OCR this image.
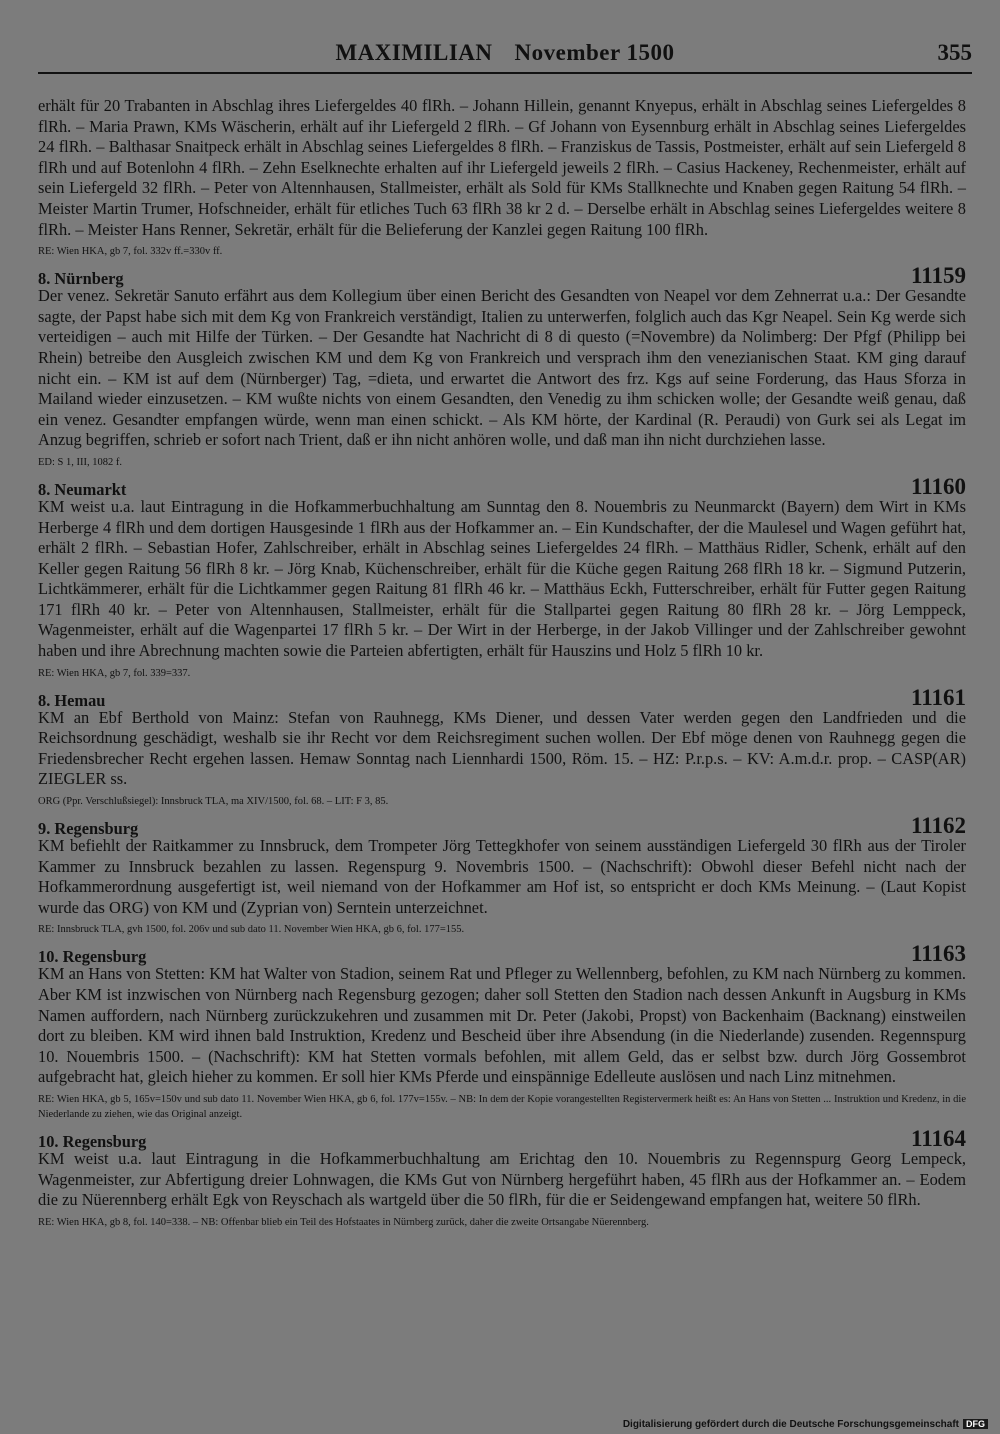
MAXIMILIAN November 1500	355

erhält für 20 Trabanten in Abschlag ihres Liefergeldes 40 flRh. – Johann Hillein, genannt Knyepus, erhält in Abschlag seines Liefergeldes 8 flRh. – Maria Prawn, KMs Wäscherin, erhält auf ihr Liefergeld 2 flRh. – Gf Johann von Eysennburg erhält in Abschlag seines Liefergeldes 24 flRh. – Balthasar Snaitpeck erhält in Abschlag seines Liefergeldes 8 flRh. – Franziskus de Tassis, Postmeister, erhält auf sein Liefergeld 8 flRh und auf Botenlohn 4 flRh. – Zehn Eselknechte erhalten auf ihr Liefergeld jeweils 2 flRh. – Casius Hackeney, Rechenmeister, erhält auf sein Liefergeld 32 flRh. – Peter von Altennhausen, Stallmeister, erhält als Sold für KMs Stallknechte und Knaben gegen Raitung 54 flRh. – Meister Martin Trumer, Hofschneider, erhält für etliches Tuch 63 flRh 38 kr 2 d. – Derselbe erhält in Abschlag seines Liefergeldes weitere 8 flRh. – Meister Hans Renner, Sekretär, erhält für die Belieferung der Kanzlei gegen Raitung 100 flRh.

RE: Wien HKA, gb 7, fol. 332v ff.=330v ff.

8. Nürnberg	11159

Der venez. Sekretär Sanuto erfährt aus dem Kollegium über einen Bericht des Gesandten von Neapel vor dem Zehnerrat u.a.: Der Gesandte sagte, der Papst habe sich mit dem Kg von Frankreich verständigt, Italien zu unterwerfen, folglich auch das Kgr Neapel. Sein Kg werde sich verteidigen – auch mit Hilfe der Türken. – Der Gesandte hat Nachricht di 8 di questo (=Novembre) da Nolimberg: Der Pfgf (Philipp bei Rhein) betreibe den Ausgleich zwischen KM und dem Kg von Frankreich und versprach ihm den venezianischen Staat. KM ging darauf nicht ein. – KM ist auf dem (Nürnberger) Tag, =dieta, und erwartet die Antwort des frz. Kgs auf seine Forderung, das Haus Sforza in Mailand wieder einzusetzen. – KM wußte nichts von einem Gesandten, den Venedig zu ihm schicken wolle; der Gesandte weiß genau, daß ein venez. Gesandter empfangen würde, wenn man einen schickt. – Als KM hörte, der Kardinal (R. Peraudi) von Gurk sei als Legat im Anzug begriffen, schrieb er sofort nach Trient, daß er ihn nicht anhören wolle, und daß man ihn nicht durchziehen lasse.

ED: S 1, III, 1082 f.

8. Neumarkt	11160

KM weist u.a. laut Eintragung in die Hofkammerbuchhaltung am Sunntag den 8. Nouembris zu Neunmarckt (Bayern) dem Wirt in KMs Herberge 4 flRh und dem dortigen Hausgesinde 1 flRh aus der Hofkammer an. – Ein Kundschafter, der die Maulesel und Wagen geführt hat, erhält 2 flRh. – Sebastian Hofer, Zahlschreiber, erhält in Abschlag seines Liefergeldes 24 flRh. – Matthäus Ridler, Schenk, erhält auf den Keller gegen Raitung 56 flRh 8 kr. – Jörg Knab, Küchenschreiber, erhält für die Küche gegen Raitung 268 flRh 18 kr. – Sigmund Putzerin, Lichtkämmerer, erhält für die Lichtkammer gegen Raitung 81 flRh 46 kr. – Matthäus Eckh, Futterschreiber, erhält für Futter gegen Raitung 171 flRh 40 kr. – Peter von Altennhausen, Stallmeister, erhält für die Stallpartei gegen Raitung 80 flRh 28 kr. – Jörg Lemppeck, Wagenmeister, erhält auf die Wagenpartei 17 flRh 5 kr. – Der Wirt in der Herberge, in der Jakob Villinger und der Zahlschreiber gewohnt haben und ihre Abrechnung machten sowie die Parteien abfertigten, erhält für Hauszins und Holz 5 flRh 10 kr.

RE: Wien HKA, gb 7, fol. 339=337.

8. Hemau	11161

KM an Ebf Berthold von Mainz: Stefan von Rauhnegg, KMs Diener, und dessen Vater werden gegen den Landfrieden und die Reichsordnung geschädigt, weshalb sie ihr Recht vor dem Reichsregiment suchen wollen. Der Ebf möge denen von Rauhnegg gegen die Friedensbrecher Recht ergehen lassen. Hemaw Sonntag nach Liennhardi 1500, Röm. 15. – HZ: P.r.p.s. – KV: A.m.d.r. prop. – CASP(AR) ZIEGLER ss.

ORG (Ppr. Verschlußsiegel): Innsbruck TLA, ma XIV/1500, fol. 68. – LIT: F 3, 85.

9. Regensburg	11162

KM befiehlt der Raitkammer zu Innsbruck, dem Trompeter Jörg Tettegkhofer von seinem ausständigen Liefergeld 30 flRh aus der Tiroler Kammer zu Innsbruck bezahlen zu lassen. Regenspurg 9. Novembris 1500. – (Nachschrift): Obwohl dieser Befehl nicht nach der Hofkammerordnung ausgefertigt ist, weil niemand von der Hofkammer am Hof ist, so entspricht er doch KMs Meinung. – (Laut Kopist wurde das ORG) von KM und (Zyprian von) Serntein unterzeichnet.

RE: Innsbruck TLA, gvh 1500, fol. 206v und sub dato 11. November Wien HKA, gb 6, fol. 177=155.

10. Regensburg	11163

KM an Hans von Stetten: KM hat Walter von Stadion, seinem Rat und Pfleger zu Wellennberg, befohlen, zu KM nach Nürnberg zu kommen. Aber KM ist inzwischen von Nürnberg nach Regensburg gezogen; daher soll Stetten den Stadion nach dessen Ankunft in Augsburg in KMs Namen auffordern, nach Nürnberg zurückzukehren und zusammen mit Dr. Peter (Jakobi, Propst) von Backenhaim (Backnang) einstweilen dort zu bleiben. KM wird ihnen bald Instruktion, Kredenz und Bescheid über ihre Absendung (in die Niederlande) zusenden. Regennspurg 10. Nouembris 1500. – (Nachschrift): KM hat Stetten vormals befohlen, mit allem Geld, das er selbst bzw. durch Jörg Gossembrot aufgebracht hat, gleich hieher zu kommen. Er soll hier KMs Pferde und einspännige Edelleute auslösen und nach Linz mitnehmen.

RE: Wien HKA, gb 5, 165v=150v und sub dato 11. November Wien HKA, gb 6, fol. 177v=155v. – NB: In dem der Kopie vorangestellten Registervermerk heißt es: An Hans von Stetten ... Instruktion und Kredenz, in die Niederlande zu ziehen, wie das Original anzeigt.

10. Regensburg	11164

KM weist u.a. laut Eintragung in die Hofkammerbuchhaltung am Erichtag den 10. Nouembris zu Regennspurg Georg Lempeck, Wagenmeister, zur Abfertigung dreier Lohnwagen, die KMs Gut von Nürnberg hergeführt haben, 45 flRh aus der Hofkammer an. – Eodem die zu Nüerennberg erhält Egk von Reyschach als wartgeld über die 50 flRh, für die er Seidengewand empfangen hat, weitere 50 flRh.

RE: Wien HKA, gb 8, fol. 140=338. – NB: Offenbar blieb ein Teil des Hofstaates in Nürnberg zurück, daher die zweite Ortsangabe Nüerennberg.

Digitalisierung gefördert durch die Deutsche Forschungsgemeinschaft DFG
